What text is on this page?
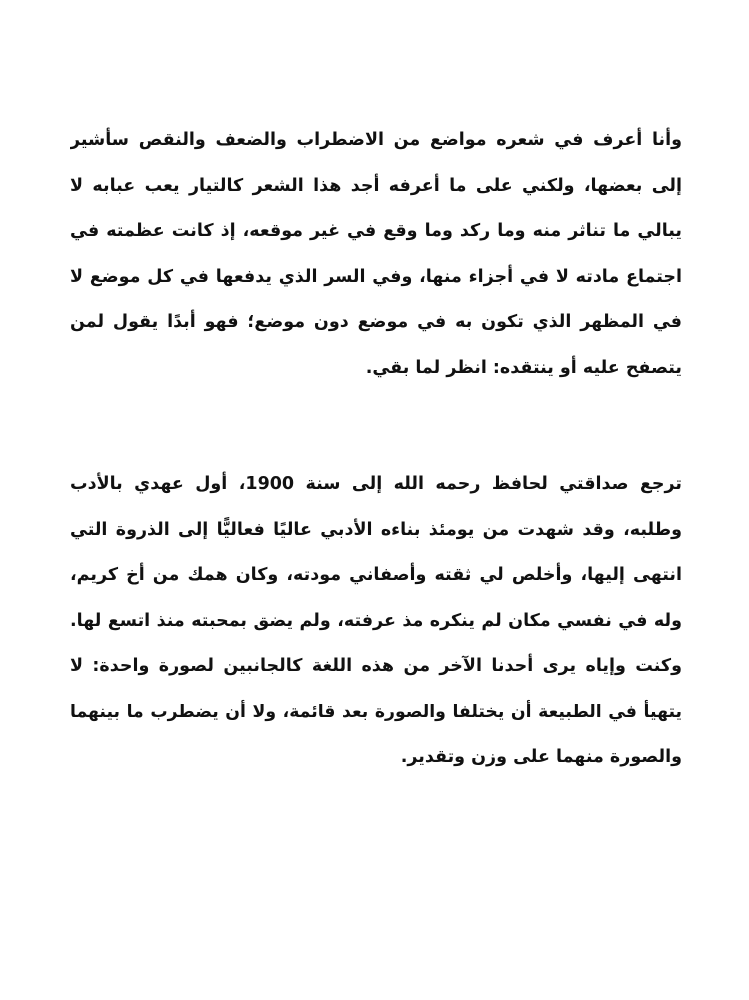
وأنا أعرف في شعره مواضع من الاضطراب والضعف والنقص سأشير
إلى بعضها، ولكني على ما أعرفه أجد هذا الشعر كالتيار يعب عبابه لا
يبالي ما تناثر منه وما ركد وما وقع في غير موقعه، إذ كانت عظمته في
اجتماع مادته لا في أجزاء منها، وفي السر الذي يدفعها في كل موضع لا
في المظهر الذي تكون به في موضع دون موضع؛ فهو أبدًا يقول لمن
يتصفح عليه أو ينتقده: انظر لما بقي.
ترجع صداقتي لحافظ رحمه الله إلى سنة 1900، أول عهدي بالأدب
وطلبه، وقد شهدت من يومئذ بناءه الأدبي عاليًا فعاليًّا إلى الذروة التي
انتهى إليها، وأخلص لي ثقته وأصفاني مودته، وكان همك من أخ كريم،
وله في نفسي مكان لم ينكره مذ عرفته، ولم يضق بمحبته منذ اتسع لها.
وكنت وإياه يرى أحدنا الآخر من هذه اللغة كالجانبين لصورة واحدة: لا
يتهيأ في الطبيعة أن يختلفا والصورة بعد قائمة، ولا أن يضطرب ما بينهما
والصورة منهما على وزن وتقدير.
